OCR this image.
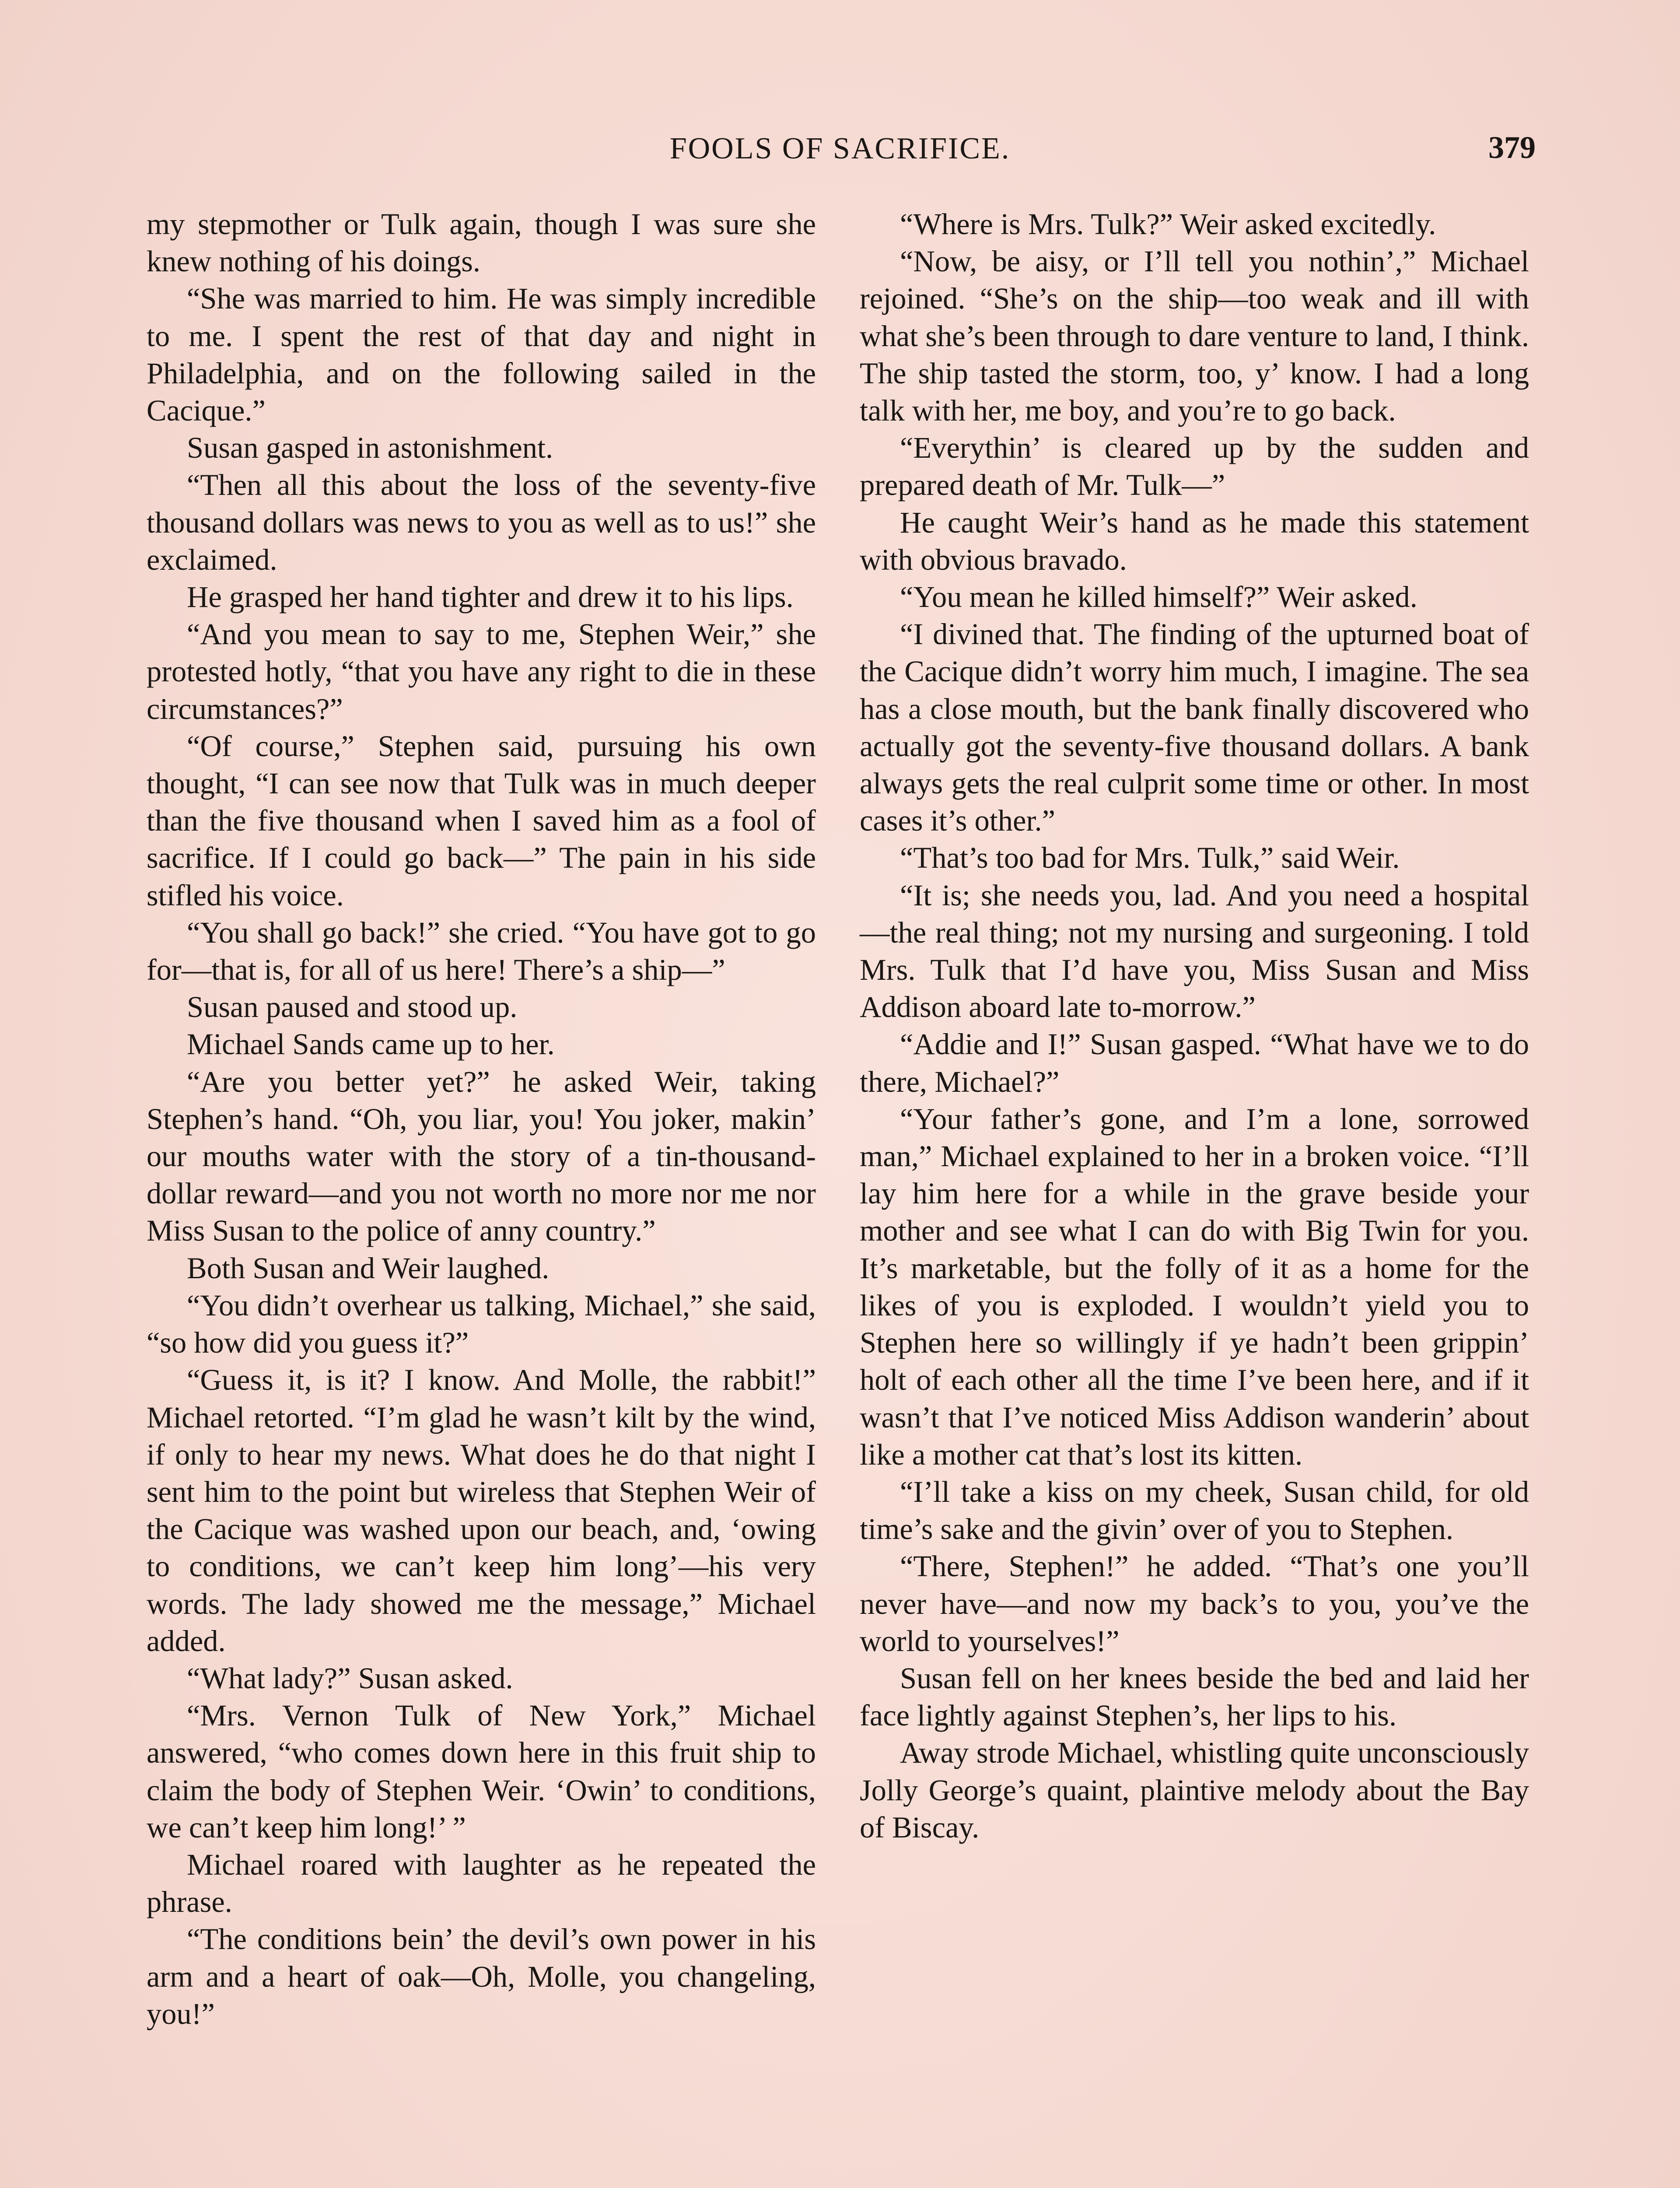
FOOLS OF SACRIFICE.	379

my stepmother or Tulk again, though I was sure she knew nothing of his doings.

“She was married to him. He was simply incredible to me. I spent the rest of that day and night in Philadelphia, and on the following sailed in the Cacique.”

Susan gasped in astonishment.

“Then all this about the loss of the seventy-five thousand dollars was news to you as well as to us!” she exclaimed.

He grasped her hand tighter and drew it to his lips.

“And you mean to say to me, Stephen Weir,” she protested hotly, “that you have any right to die in these circumstances?”

“Of course,” Stephen said, pursuing his own thought, “I can see now that Tulk was in much deeper than the five thousand when I saved him as a fool of sacrifice. If I could go back—” The pain in his side stifled his voice.

“You shall go back!” she cried. “You have got to go for—that is, for all of us here! There’s a ship—”

Susan paused and stood up.

Michael Sands came up to her.

“Are you better yet?” he asked Weir, taking Stephen’s hand. “Oh, you liar, you! You joker, makin’ our mouths water with the story of a tin-thousand-dollar reward—and you not worth no more nor me nor Miss Susan to the police of anny country.”

Both Susan and Weir laughed.

“You didn’t overhear us talking, Michael,” she said, “so how did you guess it?”

“Guess it, is it? I know. And Molle, the rabbit!” Michael retorted. “I’m glad he wasn’t kilt by the wind, if only to hear my news. What does he do that night I sent him to the point but wireless that Stephen Weir of the Cacique was washed upon our beach, and, ‘owing to conditions, we can’t keep him long’—his very words. The lady showed me the message,” Michael added.

“What lady?” Susan asked.

“Mrs. Vernon Tulk of New York,” Michael answered, “who comes down here in this fruit ship to claim the body of Stephen Weir. ‘Owin’ to conditions, we can’t keep him long!’ ”

Michael roared with laughter as he repeated the phrase.

“The conditions bein’ the devil’s own power in his arm and a heart of oak—Oh, Molle, you changeling, you!”

“Where is Mrs. Tulk?” Weir asked excitedly.

“Now, be aisy, or I’ll tell you nothin’,” Michael rejoined. “She’s on the ship—too weak and ill with what she’s been through to dare venture to land, I think. The ship tasted the storm, too, y’ know. I had a long talk with her, me boy, and you’re to go back.

“Everythin’ is cleared up by the sudden and prepared death of Mr. Tulk—”

He caught Weir’s hand as he made this statement with obvious bravado.

“You mean he killed himself?” Weir asked.

“I divined that. The finding of the upturned boat of the Cacique didn’t worry him much, I imagine. The sea has a close mouth, but the bank finally discovered who actually got the seventy-five thousand dollars. A bank always gets the real culprit some time or other. In most cases it’s other.”

“That’s too bad for Mrs. Tulk,” said Weir.

“It is; she needs you, lad. And you need a hospital—the real thing; not my nursing and surgeoning. I told Mrs. Tulk that I’d have you, Miss Susan and Miss Addison aboard late to-morrow.”

“Addie and I!” Susan gasped. “What have we to do there, Michael?”

“Your father’s gone, and I’m a lone, sorrowed man,” Michael explained to her in a broken voice. “I’ll lay him here for a while in the grave beside your mother and see what I can do with Big Twin for you. It’s marketable, but the folly of it as a home for the likes of you is exploded. I wouldn’t yield you to Stephen here so willingly if ye hadn’t been grippin’ holt of each other all the time I’ve been here, and if it wasn’t that I’ve noticed Miss Addison wanderin’ about like a mother cat that’s lost its kitten.

“I’ll take a kiss on my cheek, Susan child, for old time’s sake and the givin’ over of you to Stephen.

“There, Stephen!” he added. “That’s one you’ll never have—and now my back’s to you, you’ve the world to yourselves!”

Susan fell on her knees beside the bed and laid her face lightly against Stephen’s, her lips to his.

Away strode Michael, whistling quite unconsciously Jolly George’s quaint, plaintive melody about the Bay of Biscay.
